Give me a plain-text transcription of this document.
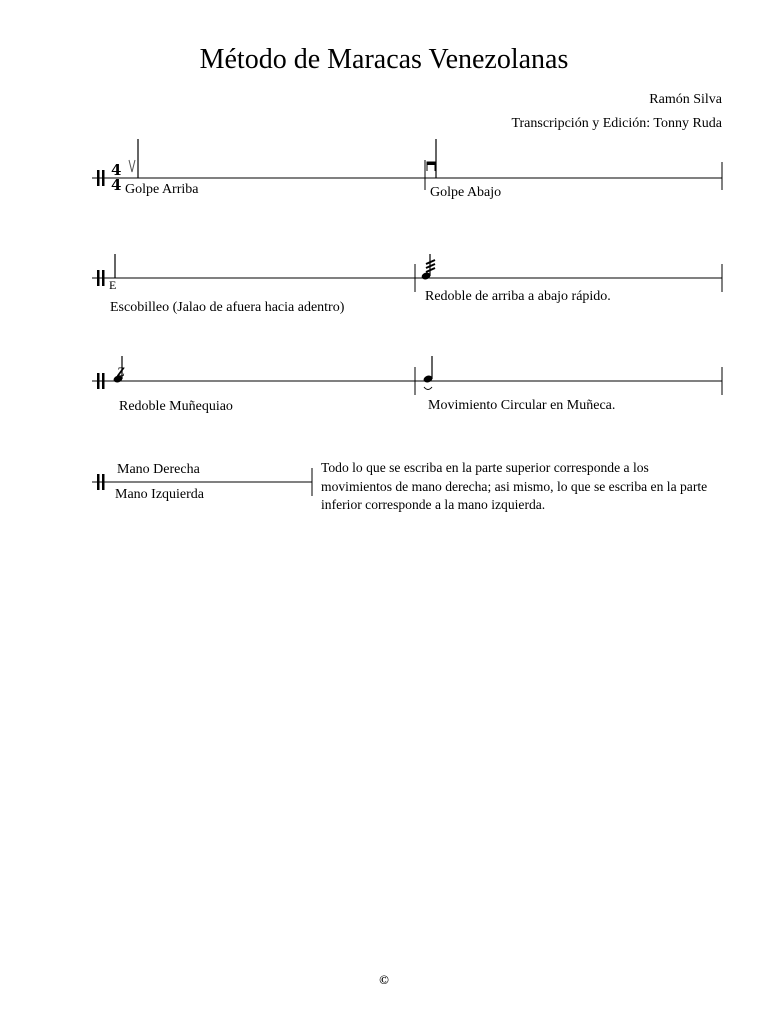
Método de Maracas Venezolanas
Ramón Silva
Transcripción y Edición: Tonny Ruda
4
4
E
Z
Golpe Arriba	Golpe Abajo
Escobilleo (Jalao de afuera hacia adentro)
Redoble de arriba a abajo rápido.
Redoble Muñequiao	Movimiento Circular en Muñeca.
Mano Derecha
Mano Izquierda
Todo lo que se escriba en la parte superior corresponde a los movimientos de mano derecha; asi mismo, lo que se escriba en la parte inferior corresponde a la mano izquierda.
©
